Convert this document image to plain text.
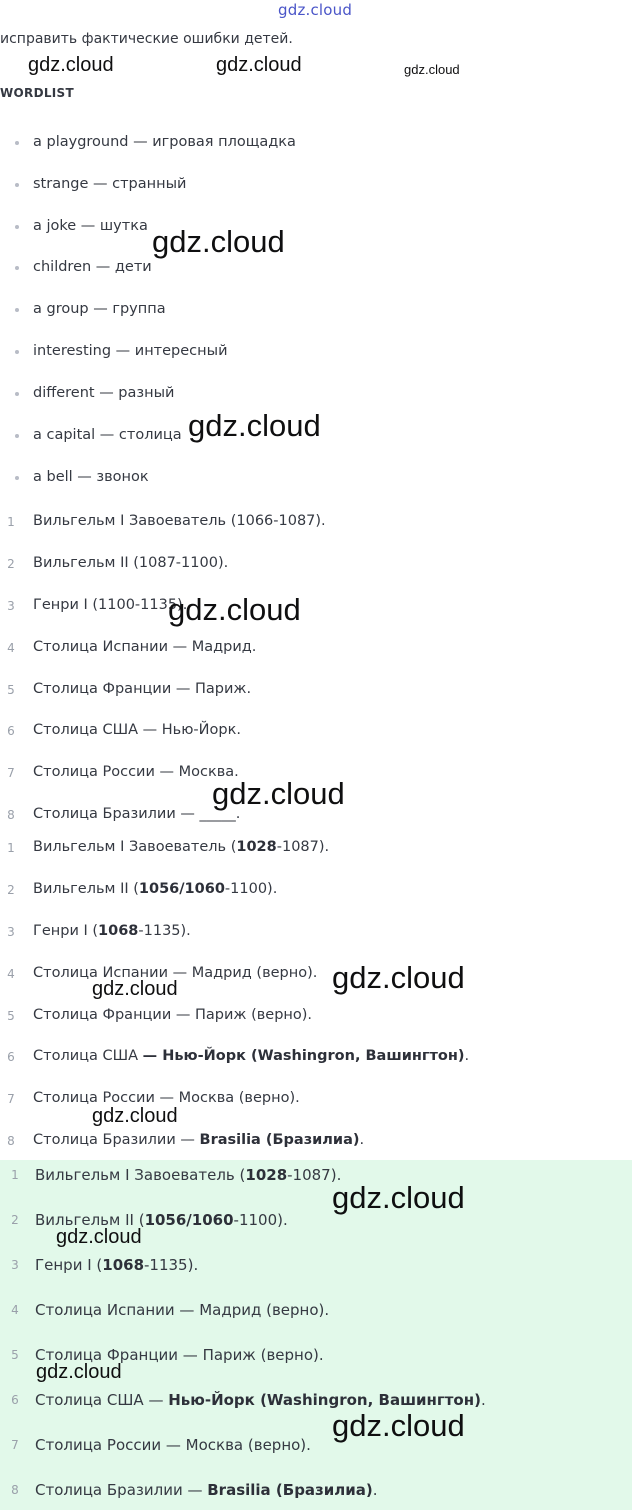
gdz.cloud
исправить фактические ошибки детей.
WORDLIST
a playground — игровая площадка
strange — странный
a joke — шутка
children — дети
a group — группа
interesting — интересный
different — разный
a capital — столица
a bell — звонок
1	Вильгельм I Завоеватель (1066-1087).
2	Вильгельм II (1087-1100).
3	Генри I (1100-1135).
4	Столица Испании — Мадрид.
5	Столица Франции — Париж.
6	Столица США — Нью-Йорк.
7	Столица России — Москва.
8	Столица Бразилии — _____.
1	Вильгельм I Завоеватель (1028-1087).
2	Вильгельм II (1056/1060-1100).
3	Генри I (1068-1135).
4	Столица Испании — Мадрид (верно).
5	Столица Франции — Париж (верно).
6	Столица США — Нью-Йорк (Washingron, Вашингтон).
7	Столица России — Москва (верно).
8	Столица Бразилии — Brasilia (Бразилиа).
1	Вильгельм I Завоеватель (1028-1087).
2	Вильгельм II (1056/1060-1100).
3	Генри I (1068-1135).
4	Столица Испании — Мадрид (верно).
5	Столица Франции — Париж (верно).
6	Столица США — Нью-Йорк (Washingron, Вашингтон).
7	Столица России — Москва (верно).
8	Столица Бразилии — Brasilia (Бразилиа).
gdz.cloud	gdz.cloud	gdz.cloud
gdz.cloud
gdz.cloud
gdz.cloud
gdz.cloud
gdz.cloud
gdz.cloud
gdz.cloud
gdz.cloud
gdz.cloud
gdz.cloud
gdz.cloud
